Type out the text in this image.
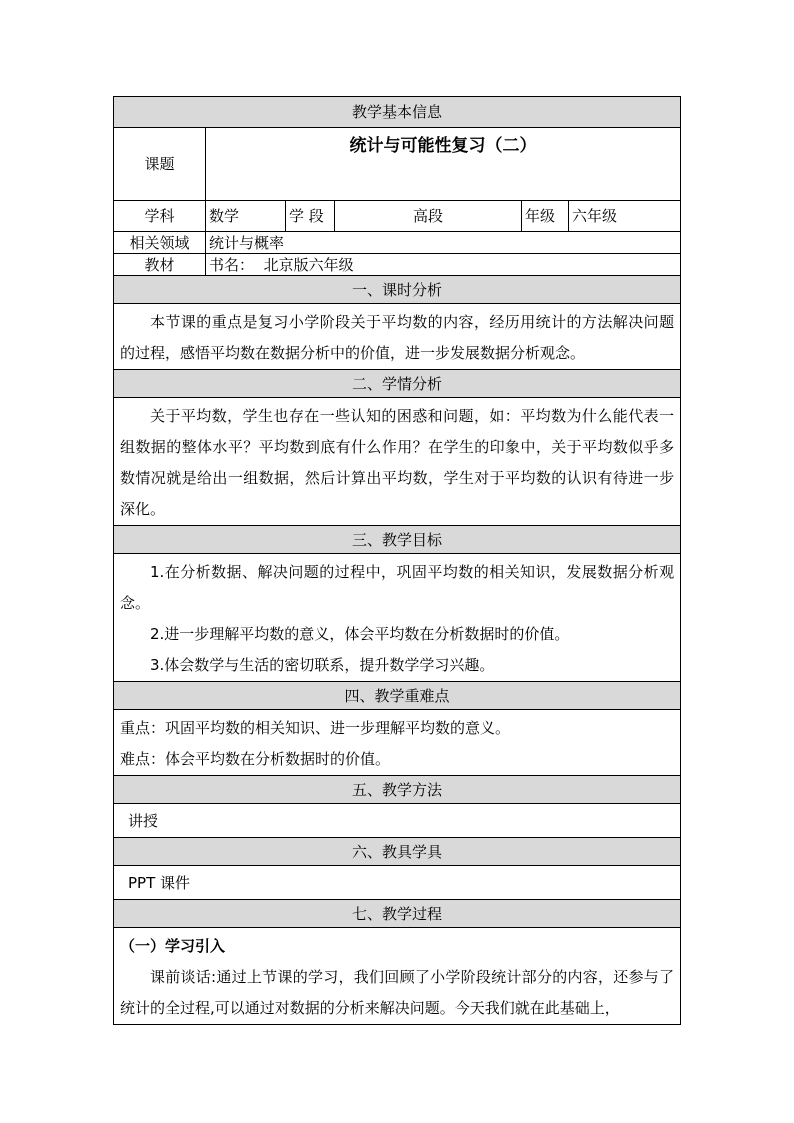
教学基本信息					
课题	统计与可能性复习（二）				
学科	数学	学 段	高段	年级	六年级
相关领域	统计与概率				
教材	书名： 北京版六年级				
一、课时分析					
本节课的重点是复习小学阶段关于平均数的内容，经历用统计的方法解决问题的过程，感悟平均数在数据分析中的价值，进一步发展数据分析观念。					
二、学情分析					
关于平均数，学生也存在一些认知的困惑和问题，如：平均数为什么能代表一组数据的整体水平？平均数到底有什么作用？在学生的印象中，关于平均数似乎多数情况就是给出一组数据，然后计算出平均数，学生对于平均数的认识有待进一步深化。					
三、教学目标					

1.在分析数据、解决问题的过程中，巩固平均数的相关知识，发展数据分析观念。

2.进一步理解平均数的意义，体会平均数在分析数据时的价值。

3.体会数学与生活的密切联系，提升数学学习兴趣。					

四、教学重难点					

重点：巩固平均数的相关知识、进一步理解平均数的意义。

难点：体会平均数在分析数据时的价值。					

五、教学方法					
讲授					
六、教具学具					
PPT 课件					
七、教学过程					

（一）学习引入

课前谈话:通过上节课的学习，我们回顾了小学阶段统计部分的内容，还参与了统计的全过程,可以通过对数据的分析来解决问题。今天我们就在此基础上，					
